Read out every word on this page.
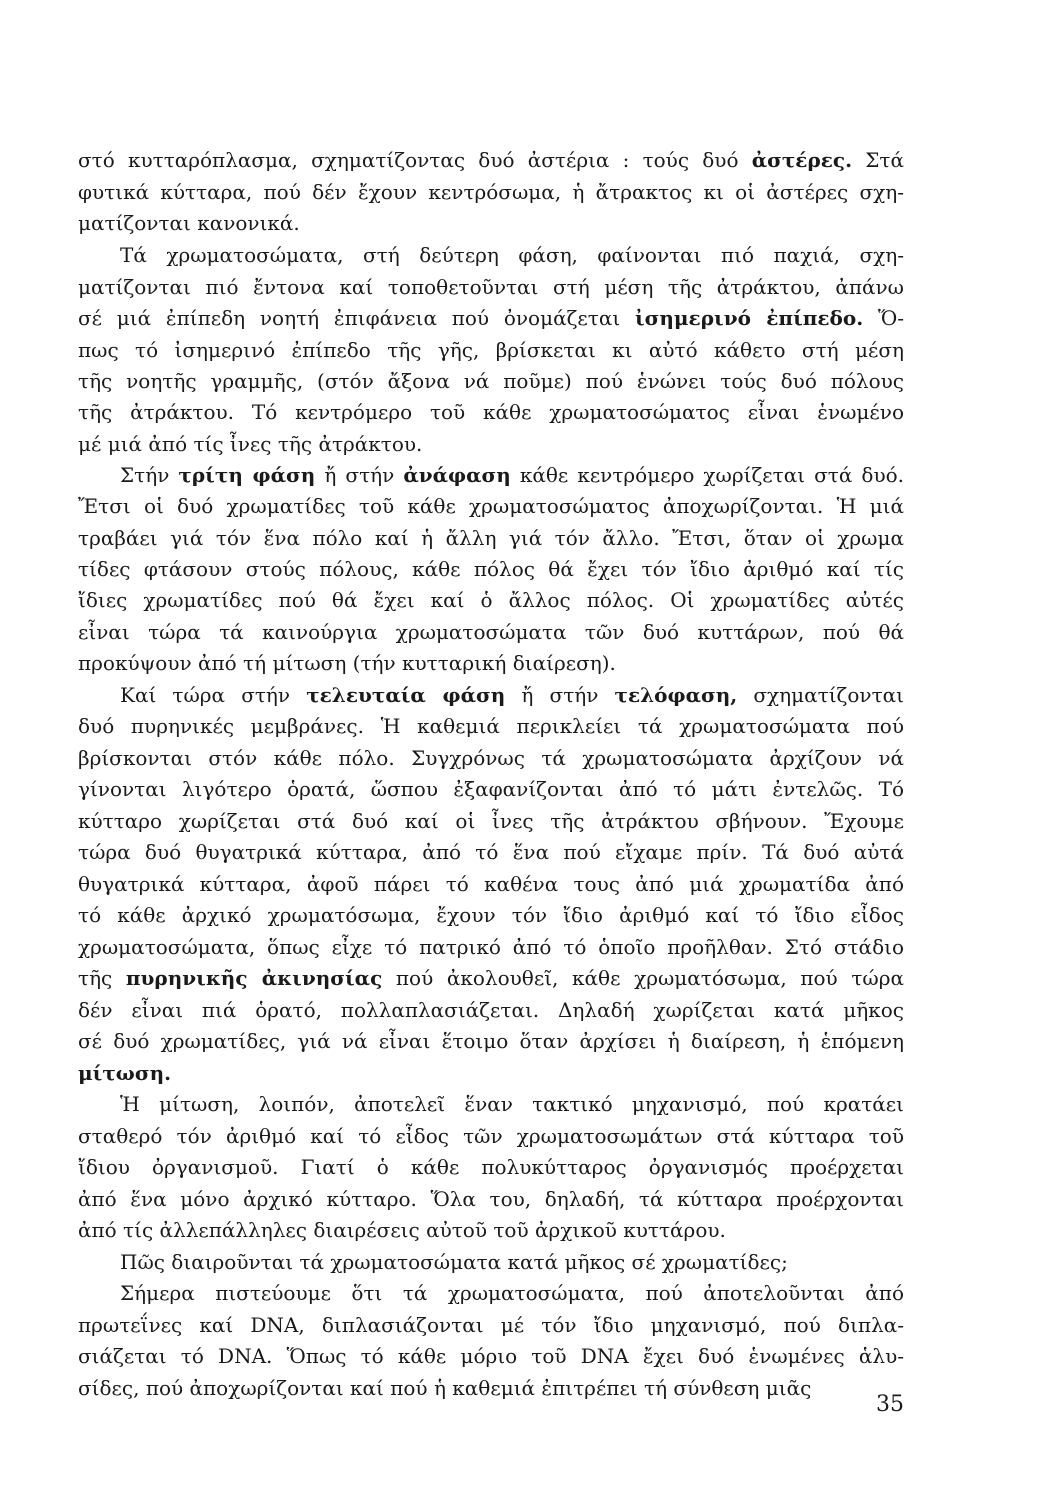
στό κυτταρόπλασμα, σχηματίζοντας δυό ἀστέρια : τούς δυό ἀστέρες. Στά
φυτικά κύτταρα, πού δέν ἔχουν κεντρόσωμα, ἡ ἄτρακτος κι οἱ ἀστέρες σχη-
ματίζονται κανονικά.
Τά χρωματοσώματα, στή δεύτερη φάση, φαίνονται πιό παχιά, σχη-
ματίζονται πιό ἔντονα καί τοποθετοῦνται στή μέση τῆς ἀτράκτου, ἀπάνω
σέ μιά ἐπίπεδη νοητή ἐπιφάνεια πού ὀνομάζεται ἰσημερινό ἐπίπεδο. Ὅ-
πως τό ἰσημερινό ἐπίπεδο τῆς γῆς, βρίσκεται κι αὐτό κάθετο στή μέση
τῆς νοητῆς γραμμῆς, (στόν ἄξονα νά ποῦμε) πού ἑνώνει τούς δυό πόλους
τῆς ἀτράκτου. Τό κεντρόμερο τοῦ κάθε χρωματοσώματος εἶναι ἑνωμένο
μέ μιά ἀπό τίς ἶνες τῆς ἀτράκτου.
Στήν τρίτη φάση ἤ στήν ἀνάφαση κάθε κεντρόμερο χωρίζεται στά δυό.
Ἔτσι οἱ δυό χρωματίδες τοῦ κάθε χρωματοσώματος ἀποχωρίζονται. Ἡ μιά
τραβάει γιά τόν ἕνα πόλο καί ἡ ἄλλη γιά τόν ἄλλο. Ἔτσι, ὅταν οἱ χρωμα
τίδες φτάσουν στούς πόλους, κάθε πόλος θά ἔχει τόν ἴδιο ἀριθμό καί τίς
ἴδιες χρωματίδες πού θά ἔχει καί ὁ ἄλλος πόλος. Οἱ χρωματίδες αὐτές
εἶναι τώρα τά καινούργια χρωματοσώματα τῶν δυό κυττάρων, πού θά
προκύψουν ἀπό τή μίτωση (τήν κυτταρική διαίρεση).
Καί τώρα στήν τελευταία φάση ἤ στήν τελόφαση, σχηματίζονται
δυό πυρηνικές μεμβράνες. Ἡ καθεμιά περικλείει τά χρωματοσώματα πού
βρίσκονται στόν κάθε πόλο. Συγχρόνως τά χρωματοσώματα ἀρχίζουν νά
γίνονται λιγότερο ὁρατά, ὥσπου ἐξαφανίζονται ἀπό τό μάτι ἐντελῶς. Τό
κύτταρο χωρίζεται στά δυό καί οἱ ἶνες τῆς ἀτράκτου σβήνουν. Ἔχουμε
τώρα δυό θυγατρικά κύτταρα, ἀπό τό ἕνα πού εἴχαμε πρίν. Τά δυό αὐτά
θυγατρικά κύτταρα, ἀφοῦ πάρει τό καθένα τους ἀπό μιά χρωματίδα ἀπό
τό κάθε ἀρχικό χρωματόσωμα, ἔχουν τόν ἴδιο ἀριθμό καί τό ἴδιο εἶδος
χρωματοσώματα, ὅπως εἶχε τό πατρικό ἀπό τό ὁποῖο προῆλθαν. Στό στάδιο
τῆς πυρηνικῆς ἀκινησίας πού ἀκολουθεῖ, κάθε χρωματόσωμα, πού τώρα
δέν εἶναι πιά ὁρατό, πολλαπλασιάζεται. Δηλαδή χωρίζεται κατά μῆκος
σέ δυό χρωματίδες, γιά νά εἶναι ἕτοιμο ὅταν ἀρχίσει ἡ διαίρεση, ἡ ἑπόμενη
μίτωση.
Ἡ μίτωση, λοιπόν, ἀποτελεῖ ἕναν τακτικό μηχανισμό, πού κρατάει
σταθερό τόν ἀριθμό καί τό εἶδος τῶν χρωματοσωμάτων στά κύτταρα τοῦ
ἴδιου ὀργανισμοῦ. Γιατί ὁ κάθε πολυκύτταρος ὀργανισμός προέρχεται
ἀπό ἕνα μόνο ἀρχικό κύτταρο. Ὅλα του, δηλαδή, τά κύτταρα προέρχονται
ἀπό τίς ἀλλεπάλληλες διαιρέσεις αὐτοῦ τοῦ ἀρχικοῦ κυττάρου.
Πῶς διαιροῦνται τά χρωματοσώματα κατά μῆκος σέ χρωματίδες;
Σήμερα πιστεύουμε ὅτι τά χρωματοσώματα, πού ἀποτελοῦνται ἀπό
πρωτεΐνες καί DNA, διπλασιάζονται μέ τόν ἴδιο μηχανισμό, πού διπλα-
σιάζεται τό DNA. Ὅπως τό κάθε μόριο τοῦ DNA ἔχει δυό ἑνωμένες ἁλυ-
σίδες, πού ἀποχωρίζονται καί πού ἡ καθεμιά ἐπιτρέπει τή σύνθεση μιᾶς
35
